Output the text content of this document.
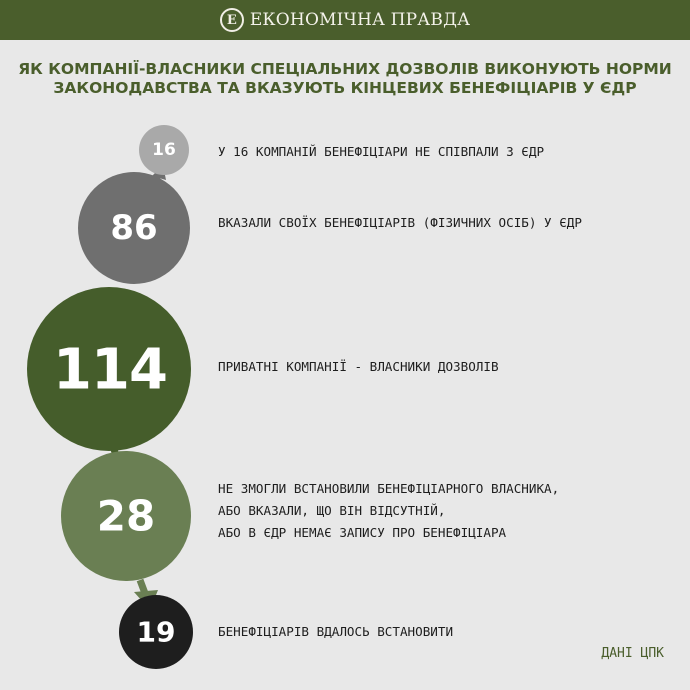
Е ЕКОНОМІЧНА ПРАВДА
ЯК КОМПАНІЇ-ВЛАСНИКИ СПЕЦІАЛЬНИХ ДОЗВОЛІВ ВИКОНУЮТЬ НОРМИ
ЗАКОНОДАВСТВА ТА ВКАЗУЮТЬ КІНЦЕВИХ БЕНЕФІЦІАРІВ У ЄДР
16
86
114
28
19
У 16 КОМПАНІЙ БЕНЕФІЦІАРИ НЕ СПІВПАЛИ З ЄДР
ВКАЗАЛИ СВОЇХ БЕНЕФІЦІАРІВ (ФІЗИЧНИХ ОСІБ) У ЄДР
ПРИВАТНІ КОМПАНІЇ - ВЛАСНИКИ ДОЗВОЛІВ
НЕ ЗМОГЛИ ВСТАНОВИЛИ БЕНЕФІЦІАРНОГО ВЛАСНИКА,
АБО ВКАЗАЛИ, ЩО ВІН ВІДСУТНІЙ,
АБО В ЄДР НЕМАЄ ЗАПИСУ ПРО БЕНЕФІЦІАРА
БЕНЕФІЦІАРІВ ВДАЛОСЬ ВСТАНОВИТИ
ДАНІ ЦПК
